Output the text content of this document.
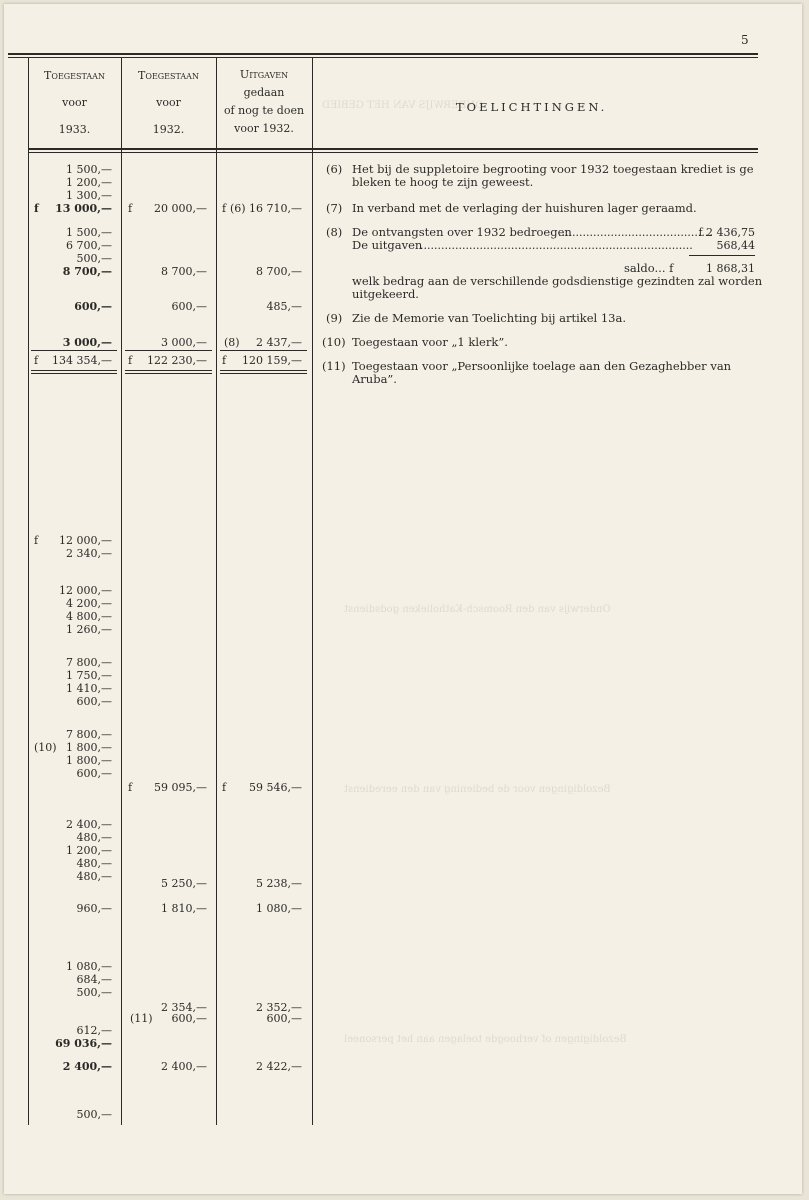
5
ONDERWIJS VAN HET GEBIED
Toegestaan
voor
1933.
Toegestaan
voor
1932.
Uitgaven
gedaan
of nog te doen
voor 1932.
TOELICHTINGEN.
1 500,—
1 200,—
1 300,—
13 000,—
1 500,—
6 700,—
500,—
8 700,—
600,—
3 000,—
134 354,—
12 000,—
2 340,—
12 000,—
4 200,—
4 800,—
1 260,—
7 800,—
1 750,—
1 410,—
600,—
7 800,—
1 800,—
1 800,—
600,—
2 400,—
480,—
1 200,—
480,—
480,—
960,—
1 080,—
684,—
500,—
612,—
69 036,—
2 400,—
500,—
f
f
f
(10)
f 20 000,—
8 700,—
600,—
3 000,—
f 122 230,—
f 59 095,—
5 250,—
1 810,—
2 354,—
(11) 600,—
2 400,—
f (6) 16 710,—
8 700,—
485,—
(8) 2 437,—
f 120 159,—
f 59 546,—
5 238,—
1 080,—
2 352,—
600,—
2 422,—
(6) Het bij de suppletoire begrooting voor 1932 toegestaan krediet is ge
bleken te hoog te zijn geweest.
(7) In verband met de verlaging der huishuren lager geraamd.
(8) De ontvangsten over 1932 bedroegen
De uitgaven
............................................
..............................................................................
f 2 436,75
568,44
saldo... f	1 868,31
welk bedrag aan de verschillende godsdienstige gezindten zal worden
uitgekeerd.
(9) Zie de Memorie van Toelichting bij artikel 13a.
(10) Toegestaan voor „1 klerk”.
(11) Toegestaan voor „Persoonlijke toelage aan den Gezaghebber van
Aruba”.
Onderwijs van den Roomsch-Katholieken godsdienst
Bezoldigingen voor de bediening van den eeredienst
Bezoldigingen of verhoogde toelagen aan het personeel
